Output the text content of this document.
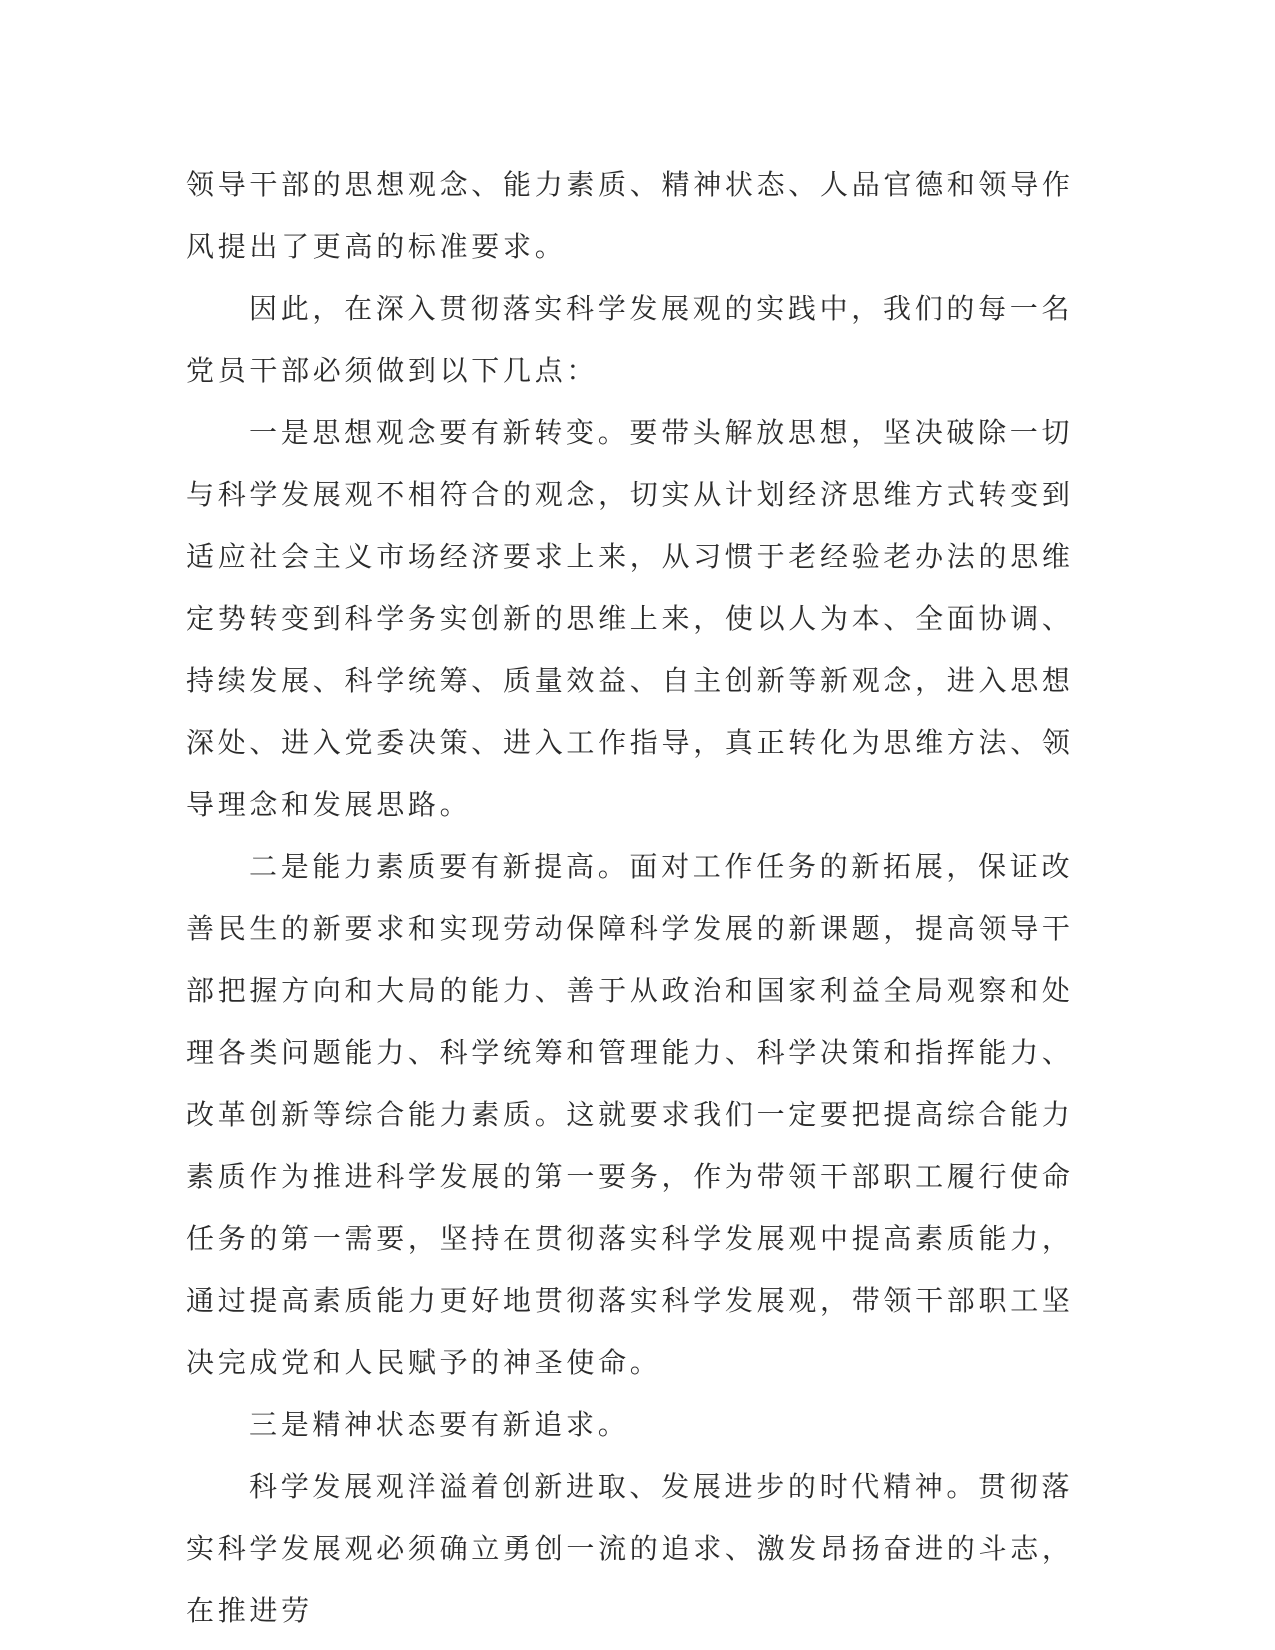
领导干部的思想观念、能力素质、精神状态、人品官德和领导作风提出了更高的标准要求。

因此，在深入贯彻落实科学发展观的实践中，我们的每一名党员干部必须做到以下几点：

一是思想观念要有新转变。要带头解放思想，坚决破除一切与科学发展观不相符合的观念，切实从计划经济思维方式转变到适应社会主义市场经济要求上来，从习惯于老经验老办法的思维定势转变到科学务实创新的思维上来，使以人为本、全面协调、持续发展、科学统筹、质量效益、自主创新等新观念，进入思想深处、进入党委决策、进入工作指导，真正转化为思维方法、领导理念和发展思路。

二是能力素质要有新提高。面对工作任务的新拓展，保证改善民生的新要求和实现劳动保障科学发展的新课题，提高领导干部把握方向和大局的能力、善于从政治和国家利益全局观察和处理各类问题能力、科学统筹和管理能力、科学决策和指挥能力、改革创新等综合能力素质。这就要求我们一定要把提高综合能力素质作为推进科学发展的第一要务，作为带领干部职工履行使命任务的第一需要，坚持在贯彻落实科学发展观中提高素质能力，通过提高素质能力更好地贯彻落实科学发展观，带领干部职工坚决完成党和人民赋予的神圣使命。

三是精神状态要有新追求。

科学发展观洋溢着创新进取、发展进步的时代精神。贯彻落实科学发展观必须确立勇创一流的追求、激发昂扬奋进的斗志，在推进劳
